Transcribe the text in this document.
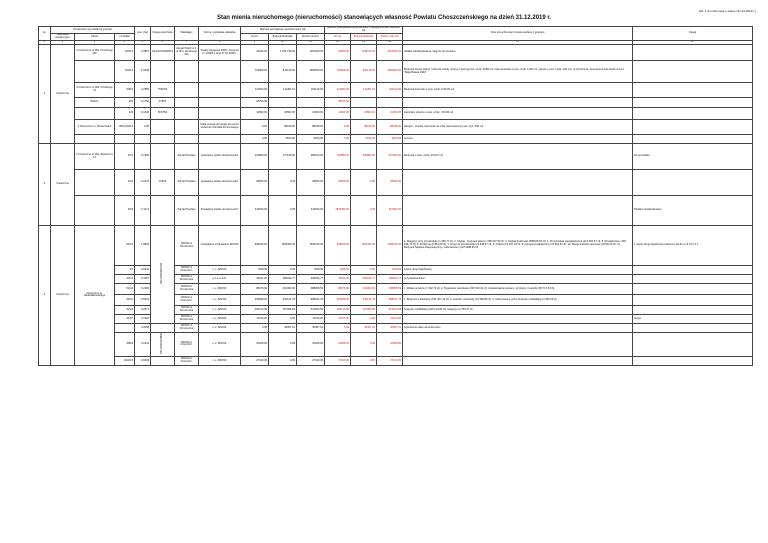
Zał. 1 do informacji o stanie (31.12.2019 r.)
Stan mienia nieruchomego (nieruchomości) stanowiących własność Powiatu Choszczeńskiego na dzień 31.12.2019 r.
Lp.	Oznaczenie wg ewidencji gruntów			pow. (ha)	Księga wieczysta	Władający	Forma i podstawa władania	Wartość początkowa nieruchomości (zł)			wartość początkowa nieruchomości z uwzględnieniem wartości (zł)			Opis nieruchomości / kwota wydana z gruntem	Uwagi
	Jednostka ewidencyjna	Obręb	nr działki					Grunt	Budynki Budowle	Razem (9+10)	Grunty	Budynki Budowle	Razem (12+13)		
1	2	3	4	5	6	7	8	9	10	11	12	13	14	15	16
1	Choszczno	3 Choszczno ul. Bol. Chrobrego 31b	813/14	0,0857	SZ1C/00015690/1	Zespół Szkół nr 1 ul. Bol. Chrobrego 31b	Trwały zarząd od 2005 r. Decyzja nr 1/2005 z dnia 27.10.2005 r.	42000,00	1 156 730,92	1281930,92	42000,00	1148732,92	1201932,92	działka niezabudowana, sługość do kontuaru	
			813/14	1,6028				764908,00	819145,00	1584053,00	764908,00	819145,00	1584053,00	Budynek szkoły (stary), budynek szkoły (nowy) o łącznej pow. użytk. 6289 m2, hala sportowa o pow. użytk. 1100 m2, garaże o pow. użytk. 180 m2, oczyszczanie, zewnętrzna linia elektryczna z "Mają Bolesa 1946"	
		3 Choszczno ul. Bol. Chrobrego 31	508/1	0,2655	70297/6			114662,00	111381,10	231143,00	114662,00	111381,10	231143,00	Budynek internatu o pow. użytk.1740,00 m2	
		Rodzin	102	0,1750	27550			18750,00			18750,00				
			103	0,1600	56778/4			11500,00	29500,00	41000,00	11500,00	29500,00	41000,00	warsztaty szkolne o pow. użytk. 740,00 m2	
		3 Choszczno ul. Piaseczwa 3	806/3 82/14	0,05			Stała umowa przyznaje do gruntu wobecnie Ośrodka Pomocowego	0,00	88018,00	88018,00	0,00	88018,00	88018,00	Hangar - umowa użyczenia na czas nieoznaczony pow. użyt. 500 m2	
								0,00	9643,00	9643,00	0,00	9643,00	9643,00	pomost	
2	Choszczno	3 Choszczno ul. Bol. Wyleczony 14	52/1	0,1509		Zarząd Powiatu	powiatowy zasób nieruchomości	102850,00	177190,00	280100,00	102850,00	305800,00	307900,00	Budynek o pow. użytk. 670,00 m2	Do sprzedaży
			52/2	0,0276	15334	Zarząd Powiatu	powiatowy zasób nieruchomości	28000,00	0,00	28000,00	28000,00	0,00	28000,00		
			52/3	0,1171		Zarząd Powiatu	Powiatowy zasób nieruchomości	243000,00	0,00	243000,00	2879000,00	0,00	307900,00		Działka niezabudowana
3	Choszczno	Choszczno ul. Niedziałkowskiego	516/1	1,8556	SZ1C/00016475/4	SPZOZ w Choszcznie	nieodpłatne użytkowanie SPZOZ	599929,00	7605395,30	7605615,30	599929,00	7605395,30	7605615,30	1. Magazyn przy przedszkolu (1 984,77 zł); 2. Szpital - budynek główny (798 337,50 zł); 3. Szpital (budynek) (588046,50 zł); 4. Przychodnia specjalistyczna (414 064,67 zł); 5. Prosektorium (196 438,74 zł); 6. Portiernia (6 851,08 zł); 7. Drogi do przedszkola (21 528,47 zł); 8. Pralnia (93 497,03 zł); 9. Agregat prądotwórczy (11 564,54 zł); 10. Stacja transformatorowa (14700,00 zł); 11. Budynek Sądowo-Diagnostyczny / Laboratorium (4271998,95 zł)	z części drogi dojazdowej zakończy się do ul. 8 PU i 5-7
			4/7	0,0444		SPZOZ w Choszczn.	n.u. SPZOZ	7648,00	0,00	7648,00	7648,00	0,00	7648,00	części drogi dojazdowej	
			516/1	0,4357		SPZOZ w Choszcznie	p.z.o.o.-Z.P.	18341,00	265034,77	265034,77	18341,00	265034,77	265034,77	przychodnia dziec.	
			516/1	0,2106		SPZOZ w Choszcznie	n.u. SPZOZ	88376,00	301060,00	388958,59	88376,00	301060,00	388958,59	1. Wiata na wozie (7 332,72 zł); 2. Pogotowie ratunkowe (293 032,02 zł); Udoskonalone wpisem, przyłączy i budynki (86 717,53 zł)	
			520/1	0,6404		SPZOZ w Choszczn.	n.u. SPZOZ	253668,00	616141,78	868641,78	253668,00	616141,78	868641,78	1. Budynek mieszkalny (531 407,43 zł); 2. Garaże i warsztaty (10 586,86 zł); 3. Ukierunkowe przez budynku rehabilitacji (4 356,66 zł)	
			521/1	0,2071		SPZOZ w Choszcznie	n.u. SPZOZ	109714,00	267906,55	513023,55	109714,00	267906,55	513023,55	budynek rehabilitacji (205 126,89 zł); magazyn (2 753,57 zł)	
			514/7	0,1640		SPZOZ w Choszcznie	n.u. SPZOZ	11570,00	0,00	11570,00	11570,00	0,00	11570,00		droga
				0,0058		SPZOZ w Choszcznie	n.u. SPZOZ	0,00	40557,01	40557,01	0,00	40557,01	40557,01	ogrodzenie całej nieruchomości	
			908/3	0,0132	SZ1C/00015286/0	SPZOZ w Choszczn.	n.u. SPZOZ	10508,00	0,00	10508,00	10508,00	0,00	10508,00		
			1010/13	0,0269		SPZOZ w Choszczn.	n.u. SPZOZ	27160,00	0,00	27160,00	27160,00	0,00	27160,00		
